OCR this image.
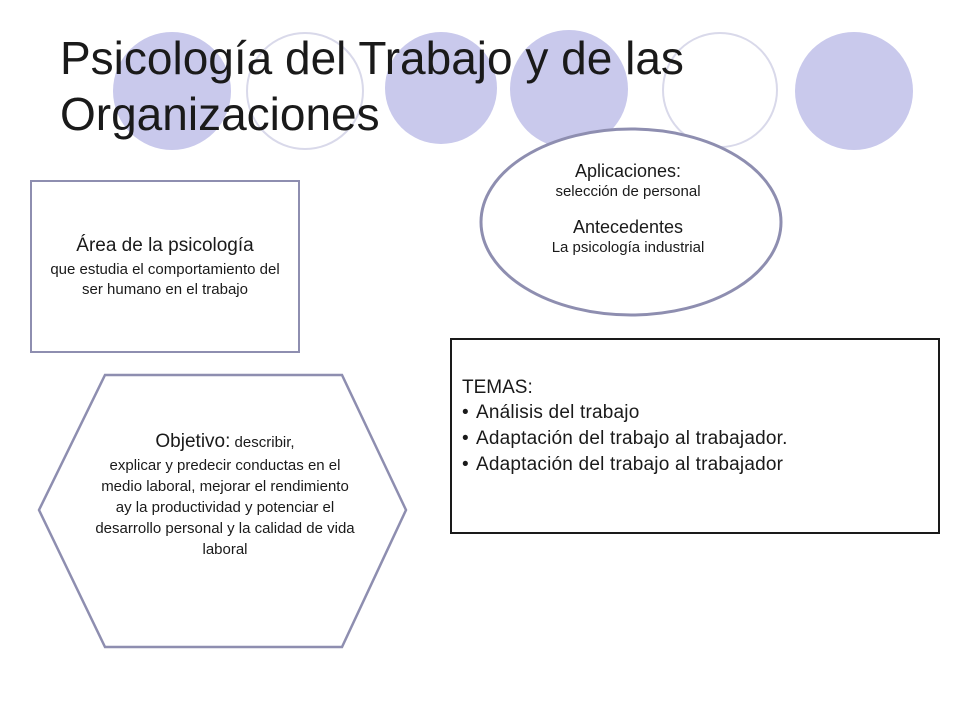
Psicología del Trabajo y de las Organizaciones
Área de la psicología
que estudia el comportamiento del ser humano en el trabajo
Aplicaciones:
selección de personal
Antecedentes
La psicología industrial
TEMAS:
• Análisis del trabajo
• Adaptación del trabajo al trabajador.
• Adaptación del trabajo al trabajador
Objetivo: describir,
explicar y predecir conductas en el medio laboral, mejorar el rendimiento ay la productividad y potenciar el desarrollo personal y la calidad de vida laboral
